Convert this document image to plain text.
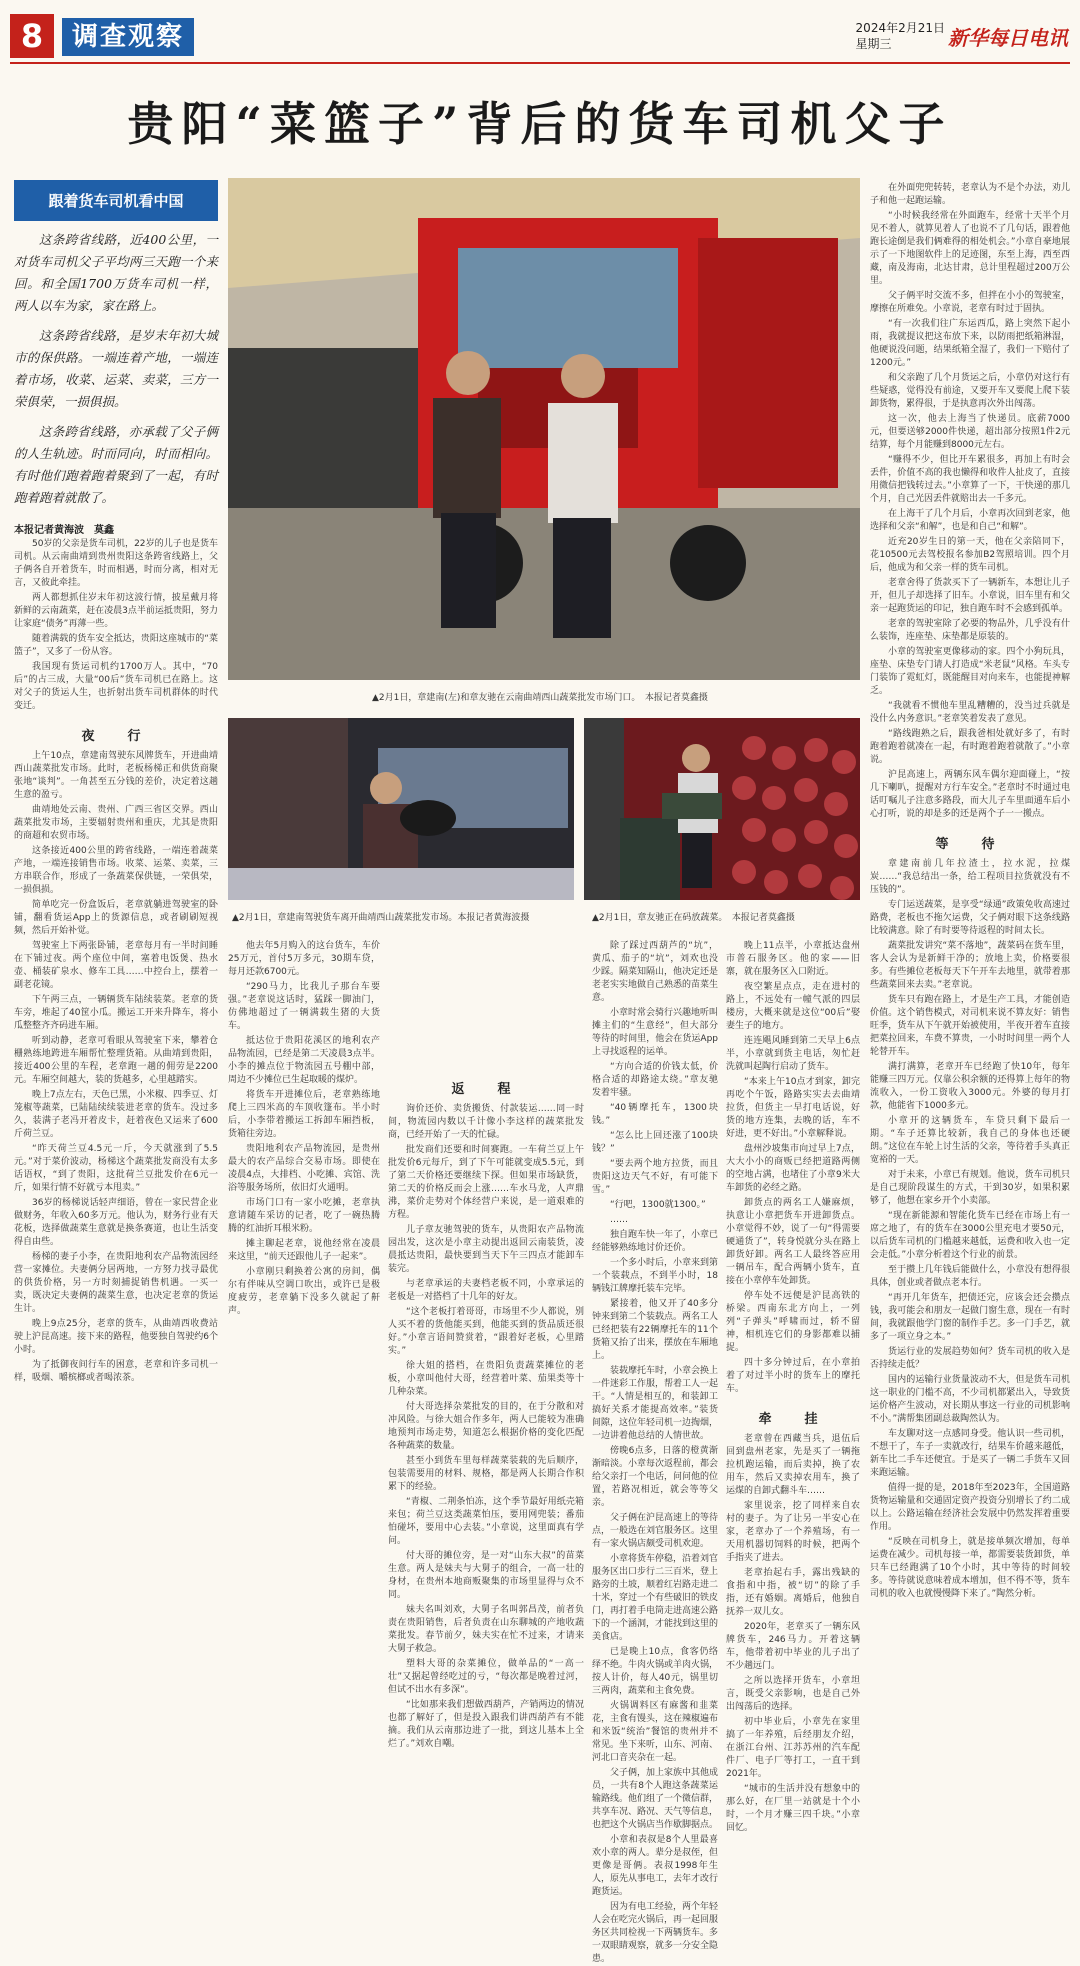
8	调查观察	2024年2月21日
星期三	新华每日电讯
贵阳“菜篮子”背后的货车司机父子
跟着货车司机看中国

这条跨省线路，近400公里，一对货车司机父子平均两三天跑一个来回。和全国1700万货车司机一样，两人以车为家，家在路上。

这条跨省线路，是岁末年初大城市的保供路。一端连着产地，一端连着市场，收菜、运菜、卖菜，三方一荣俱荣，一损俱损。

这条跨省线路，亦承载了父子俩的人生轨迹。时而同向，时而相向。有时他们跑着跑着聚到了一起，有时跑着跑着就散了。

本报记者黄海波　莫鑫

50岁的父亲是货车司机，22岁的儿子也是货车司机。从云南曲靖到贵州贵阳这条跨省线路上，父子俩各自开着货车，时而相遇，时而分离，相对无言，又彼此牵挂。

两人都想抓住岁末年初这波行情，披星戴月将新鲜的云南蔬菜，赶在凌晨3点半前运抵贵阳，努力让家庭“债务”再薄一些。

随着满载的货车安全抵达，贵阳这座城市的“菜篮子”，又多了一份从容。

我国现有货运司机约1700万人。其中，“70后”的占三成，大量“00后”货车司机已在路上。这对父子的货运人生，也折射出货车司机群体的时代变迁。

夜　行

上午10点，章建南驾驶东风牌货车，开进曲靖西山蔬菜批发市场。此时，老板杨梯正和供货商聚张地“谈判”。一角甚至五分钱的差价，决定着这趟生意的盈亏。

曲靖地处云南、贵州、广西三省区交界。西山蔬菜批发市场，主要辐射贵州和重庆，尤其是贵阳的商超和农贸市场。

这条接近400公里的跨省线路，一端连着蔬菜产地，一端连接销售市场。收菜、运菜、卖菜，三方串联合作，形成了一条蔬菜保供链，一荣俱荣，一损俱损。

简单吃完一份盒饭后，老章就躺进驾驶室的卧铺，翻看货运App上的货源信息，或者刷刷短视频，然后开始补觉。

驾驶室上下两张卧铺，老章每月有一半时间睡在下铺过夜。两个座位中间，塞着电饭煲、热水壶、桶装矿泉水、修车工具……中控台上，摆着一副老花镜。

下午两三点，一辆辆货车陆续装菜。老章的货车旁，堆起了40筐小瓜。搬运工开来升降车，将小瓜整整齐齐码进车厢。

听到动静，老章可看眼从驾驶室下来，攀着仓栅熟练地跨进车厢帮忙整理货箱。从曲靖到贵阳，接近400公里的车程，老章跑一趟的佣劳是2200元。车厢空间越大，装的货越多，心里越踏实。

晚上7点左右，天色已黑，小米椒、四季豆、灯笼椒等蔬菜，已陆陆续续装进老章的货车。没过多久，装满子老冯开着皮卡，赶着夜色又运来了600斤荷兰豆。

“昨天荷兰豆4.5元一斤，今天就涨到了5.5元。”对于菜价波动，杨梯这个蔬菜批发商没有太多话语权，“到了贵阳，这批荷兰豆批发价在6元一斤，如果行情不好就亏本甩卖。”

36岁的杨梯说话轻声细语，曾在一家民营企业做财务，年收入60多万元。他认为，财务行业有天花板，选择做蔬菜生意就是换条赛道，也让生活变得自由些。

杨梯的妻子小李，在贵阳地利农产品物流园经营一家摊位。夫妻俩分居两地，一方努力找寻最优的供货价格，另一方时刻捕捉销售机遇。一买一卖，既决定夫妻俩的蔬菜生意，也决定老章的货运生计。

晚上9点25分，老章的货车，从曲靖西收费站驶上沪昆高速。接下来的路程，他要独自驾驶约6个小时。

为了抵御夜间行车的困意，老章和许多司机一样，吸烟、嚼槟榔或者喝浓茶。

▲2月1日，章建南(左)和章友驰在云南曲靖西山蔬菜批发市场门口。　本报记者莫鑫摄
▲2月1日，章建南驾驶货车离开曲靖西山蔬菜批发市场。本报记者黄海波摄	▲2月1日，章友驰正在码放蔬菜。　本报记者莫鑫摄

他去年5月购入的这台货车，车价25万元，首付5万多元，30期车贷，每月还款6700元。

“290马力，比我儿子那台车要强。”老章说这话时，猛踩一脚油门，仿佛地超过了一辆满载生猪的大货车。

抵达位于贵阳花溪区的地利农产品物流园，已经是第二天凌晨3点半。小李的摊点位于物流园五号棚中部，周边不少摊位已生起取暖的煤炉。

将货车开进摊位后，老章熟练地爬上三四米高的车顶收篷布。半小时后，小李带着搬运工拆卸车厢挡板，货箱往旁边。

贵阳地利农产品物流园，是贵州最大的农产品综合交易市场。即使在凌晨4点，大排档、小吃摊、宾馆、洗浴等服务场所，依旧灯火通明。

市场门口有一家小吃摊，老章执意请随车采访的记者，吃了一碗热腾腾的红油折耳根米粉。

摊主聊起老章，说他经常在凌晨来这里，“前天还跟他儿子一起来”。

小章刚只剩换着公寓的房间，偶尔有伴味从空调口吹出，或许已是极度疲劳，老章躺下没多久就起了鼾声。

返　程

询价还价、卖货搬货、付款装运……同一时间，物流园内数以千计像小李这样的蔬菜批发商，已经开始了一天的忙碌。

批发商们还要和时间赛跑。一车荷兰豆上午批发价6元每斤，到了下午可能就变成5.5元，到了第二天价格还要继续下探。但如果市场缺货，第二天的价格反而会上涨……车水马龙，人声鼎沸，菜价走势对个体经营户来说，是一道艰难的方程。

儿子章友驰驾驶的货车，从贵阳农产品物流园出发，这次是小章主动提出返回云南装货，凌晨抵达贵阳，最快要到当天下午三四点才能卸车装完。

与老章承运的夫妻档老板不同，小章承运的老板是一对搭档了十几年的好友。

“这个老板打着哥哥，市场里不少人都说，别人买不着的货他能买到，他能买到的货品质还很好。”小章言语间赞赏着，“跟着好老板，心里踏实。”

徐大姐的搭档，在贵阳负责蔬菜摊位的老板，小章叫他付大哥，经营着叶菜、茄果类等十几种杂菜。

付大哥选择杂菜批发的目的，在于分散和对冲风险。与徐大姐合作多年，两人已能较为准确地预判市场走势，知道怎么根据价格的变化匹配各种蔬菜的数量。

甚至小到货车里每样蔬菜装载的先后顺序，包装需要用的材料、规格，都是两人长期合作积累下的经验。

“青椒、二荆条怕冻，这个季节最好用纸壳箱来包；荷兰豆这类蔬菜怕压，要用网兜装；番茄怕碰坏，要用中心去装。”小章说，这里面真有学问。

付大哥的摊位旁，是一对“山东大叔”的苗菜生意。两人是妹夫与大舅子的组合，一高一壮的身材，在贵州本地商贩聚集的市场里显得与众不同。

妹夫名叫刘欢，大舅子名叫郭昌茂，前者负责在贵阳销售，后者负责在山东聊城的产地收蔬菜批发。春节前夕，妹夫实在忙不过来，才请来大舅子救急。

塑料大哥的杂菜摊位，做单品的“一高一壮”又据起曾经吃过的亏，“每次都是晚着过河，但试不出水有多深”。

“比如那来我们想做西葫芦，产销两边的情况也都了解好了，但是投入跟我们讲西葫芦有不能摘。我们从云南那边进了一批，到这儿基本上全烂了。”刘欢自嘲。

除了踩过西葫芦的“坑”，黄瓜、茄子的“坑”，刘欢也没少踩。隔菜知隔山，他决定还是老老实实地做自己熟悉的苗菜生意。

小章时常会骑行兴趣地听叫摊主们的“生意经”，但大部分等待的时间里，他会在货运App上寻找返程的运单。

“方向合适的价钱太低，价格合适的却路途太绕。”章友驰发着牢骚。

“40辆摩托车，1300块钱。”

“怎么比上回还涨了100块钱？”

“要去两个地方拉货，而且贵阳这边天气不好，有可能下雪。”

“行吧，1300就1300。”

……

独自跑车快一年了，小章已经能够熟练地讨价还价。

一个多小时后，小章来到第一个装载点，不到半小时，18辆钱江牌摩托装车完毕。

紧接着，他又开了40多分钟来到第二个装载点。两名工人已经把装有22辆摩托车的11个货箱又抬了出来，摆放在车厢地上。

装载摩托车时，小章会换上一件迷彩工作服，帮着工人一起干。“人情是相互的，和装卸工搞好关系才能提高效率。”装货间隙，这位年轻司机一边掏烟，一边讲着他总结的人情世故。

傍晚6点多，日落的橙黄渐渐暗淡。小章每次返程前，都会给父亲打一个电话，问问他的位置，若路况相近，就会等等父亲。

父子俩在沪昆高速上的等待点，一般选在刘官服务区。这里有一家火锅店颇受司机欢迎。

小章将货车停稳，沿着刘官服务区出口步行二三百米，登上路旁的土坡，顺着红岩路走进二十米，穿过一个有些破旧的铁皮门，再打着手电筒走进高速公路下的一个涵洞，才能找到这里的美食店。

已是晚上10点，食客仍络绎不绝。牛肉火锅或羊肉火锅，按人计价，每人40元，锅里切三两肉，蔬菜和主食免费。

火锅调料区有麻酱和韭菜花，主食有馒头，这在辣椒遍布和米饭“统治”餐馆的贵州并不常见。坐下来听，山东、河南、河北口音夹杂在一起。

父子俩，加上家族中其他成员，一共有8个人跑这条蔬菜运输路线。他们组了一个微信群，共享车况、路况、天气等信息，也把这个火锅店当作歇脚据点。

小章和表叔是8个人里最喜欢小章的两人。辈分是叔侄，但更像是哥俩。表叔1998年生人，原先从事电工，去年才改行跑货运。

因为有电工经验，两个年轻人会在吃完火锅后，再一起回服务区共同检视一下两辆货车。多一双眼睛观察，就多一分安全隐患。

晚上11点半，小章抵达盘州市普石服务区。他的家——旧寨，就在服务区入口附近。

夜空繁星点点，走在进村的路上，不远处有一幢气派的四层楼房，大概来就是这位“00后”娶妻生子的地方。

连连飓风睡到第二天早上6点半，小章就到货主电话，匆忙赶洗就叫起陶行启动了货车。

“本来上午10点才到家，卸完再吃个午饭，路路实实去去曲靖拉货，但货主一早打电话说，好货的地方连集，去晚的话，车不好进，更不好出。”小章解释说。

盘州沙坡集市向过早上7点，大大小小的商贩已经把道路两侧的空地占满，也堵住了小章9米大车卸货的必经之路。

卸货点的两名工人嫌麻烦，执意让小章把货车开进卸货点。小章觉得不妙，说了一句“得需要硬通货了”，转身悦就分头在路上卸货好卸。两名工人最终答应用一辆吊车，配合两辆小货车，直接在小章停车处卸货。

停车处不远便是沪昆高铁的桥梁。西南东北方向上，一列列“子弹头”呼啸而过，轿不留神，相机连它们的身影都难以捕捉。

四十多分钟过后，在小章拍着了对过半小时的货车上的摩托车。

牵　挂

老章曾在西藏当兵，退伍后回到盘州老家，先是买了一辆拖拉机跑运输，而后卖掉，换了农用车，然后又卖掉农用车，换了运煤的自卸式翻斗车……

家里说亲，挖了同样来自农村的妻子。为了让另一半安心在家，老章办了一个养殖场，有一天用机器切饲料的时候，把两个手指夹了进去。

老章抬起右手，露出残缺的食指和中指，被“切”的除了手指，还有婚姻。离婚后，他独自抚养一双儿女。

2020年，老章买了一辆东风牌货车，246马力。开着这辆车，他带着初中毕业的儿子出了不少趟远门。

之所以选择开货车，小章坦言，既受父亲影响，也是自己外出闯荡后的选择。

初中毕业后，小章先在家里搞了一年养殖，后经朋友介绍，在浙江台州、江苏苏州的汽车配件厂、电子厂等打工，一直干到2021年。

“城市的生活并没有想象中的那么好，在厂里一站就是十个小时，一个月才赚三四千块。”小章回忆。

在外面兜兜转转，老章认为不是个办法，劝儿子和他一起跑运输。

“小时候我经常在外面跑车，经常十天半个月见不着人，就算见着人了也说不了几句话，跟着他跑长途倒是我们俩难得的相处机会。”小章自豪地展示了一下地图软件上的足迹图，东至上海，西至西藏，南及海南，北达甘肃，总计里程超过200万公里。

父子俩平时交流不多，但拌在小小的驾驶室，摩擦在所难免。小章说，老章有时过于固执。

“有一次我们往广东运西瓜，路上突然下起小雨，我就提议把这布放下来，以防雨把纸箱淋湿，他硬说没问题，结果纸箱全湿了，我们一下赔付了1200元。”

和父亲跑了几个月货运之后，小章仍对这行有些疑惑，觉得没有前途，又要开车又要爬上爬下装卸货物，累得很，于是执意再次外出闯荡。

这一次，他去上海当了快递员。底薪7000元，但要送够2000件快递，超出部分按照1件2元结算，每个月能赚到8000元左右。

“赚得不少，但比开车累很多，再加上有时会丢件，价值不高的我也懒得和收件人扯皮了，直接用微信把钱转过去。”小章算了一下，干快递的那几个月，自己光因丢件就赔出去一千多元。

在上海干了几个月后，小章再次回到老家，他选择和父亲“和解”，也是和自己“和解”。

近充20岁生日的第一天，他在父亲陪同下，花10500元去驾校报名参加B2驾照培训。四个月后，他成为和父亲一样的货车司机。

老章舍得了货款买下了一辆新车，本想让儿子开，但儿子却选择了旧车。小章说，旧车里有和父亲一起跑货运的印记，独自跑车时不会感到孤单。

老章的驾驶室除了必要的物品外，几乎没有什么装饰，连座垫、床垫都是原装的。

小章的驾驶室更像移动的家。四个小狗玩具，座垫、床垫专门请人打造成“米老鼠”风格。车头专门装饰了霓虹灯，既能醒目对向来车，也能提神解乏。

“我就看不惯他车里乱糟糟的，没当过兵就是没什么内务意识。”老章笑着发表了意见。

“路线跑熟之后，跟我爸相处就好多了，有时跑着跑着就凑在一起，有时跑着跑着就散了。”小章说。

沪昆高速上，两辆东风车偶尔迎面碰上，“按几下喇叭，提醒对方行车安全。”老章时不时通过电话叮嘱儿子注意多路段，而大儿子车里面通车后小心打听，说的却是多的还是两个子一一搬点。

等　待

章建南前几年拉渣土，拉水泥，拉煤炭……“我总结出一条，给工程项目拉货就没有不压钱的”。

专门运送蔬菜，是享受“绿通”政策免收高速过路费，老板也不拖欠运费，父子俩对眼下这条线路比较满意。除了有时要等待返程的时间太长。

蔬菜批发讲究“菜不落地”，蔬菜码在货车里，客人会认为是新鲜干净的；放地上卖，价格要很多。有些摊位老板每天下午开车去地里，就带着那些蔬菜回来去卖。”老章说。

货车只有跑在路上，才是生产工具，才能创造价值。这个销售模式，对司机来说不算友好：销售旺季，货车从下午就开始被使用，半夜开着车直接把菜拉回来，车费不算贵，一小时时间里一两个人轮替开车。

满打满算，老章开车已经跑了快10年，每年能赚三四万元。仅靠公积余额的还得算上每年的物流收入，一份工资收入3000元。外婆的每月打款，他能省下1000多元。

小章开的这辆货车，车贷只剩下最后一期。“车子还算比较新，我自己的身体也还硬朗。”这位在车轮上讨生活的父亲，等待着手头真正宽裕的一天。

对于未来，小章已有规划。他说，货车司机只是自己现阶段谋生的方式，干到30岁，如果积累够了，他想在家乡开个小卖部。

“现在新能源和智能化货车已经在市场上有一席之地了，有的货车在3000公里充电才要50元，以后货车司机的门槛越来越低，运费和收入也一定会走低。”小章分析着这个行业的前景。

至于攒上几年钱后能做什么，小章没有想得很具体，创业或者做点老本行。

“再开几年货车，把债还完，应该会还会攒点钱，我可能会和朋友一起做门窗生意，现在一有时间，我就跟他学门窗的制作手艺。多一门手艺，就多了一项立身之本。”

货运行业的发展趋势如何？货车司机的收入是否持续走低？

国内的运输行业货量波动不大，但是货车司机这一职业的门槛不高，不少司机都紧出入，导致货运价格产生波动，对长期从事这一行业的司机影响不小。”满帮集团副总裁陶然认为。

车友聊对这一点感同身受。他认识一些司机，不想干了，车子一卖就改行，结果车价越来越低，新车比二手车还便宜。于是买了一辆二手货车又回来跑运输。

值得一提的是，2018年至2023年，全国道路货物运输量和交通固定资产投资分别增长了约二成以上。公路运输在经济社会发展中仍然发挥着重要作用。

“反映在司机身上，就是接单频次增加，每单运费在减少。司机每接一单，都需要装货卸货，单只车已经跑满了10个小时，其中等待的时间较多。等待就说意味着成本增加，但不得不等，货车司机的收入也就慢慢降下来了。”陶然分析。
